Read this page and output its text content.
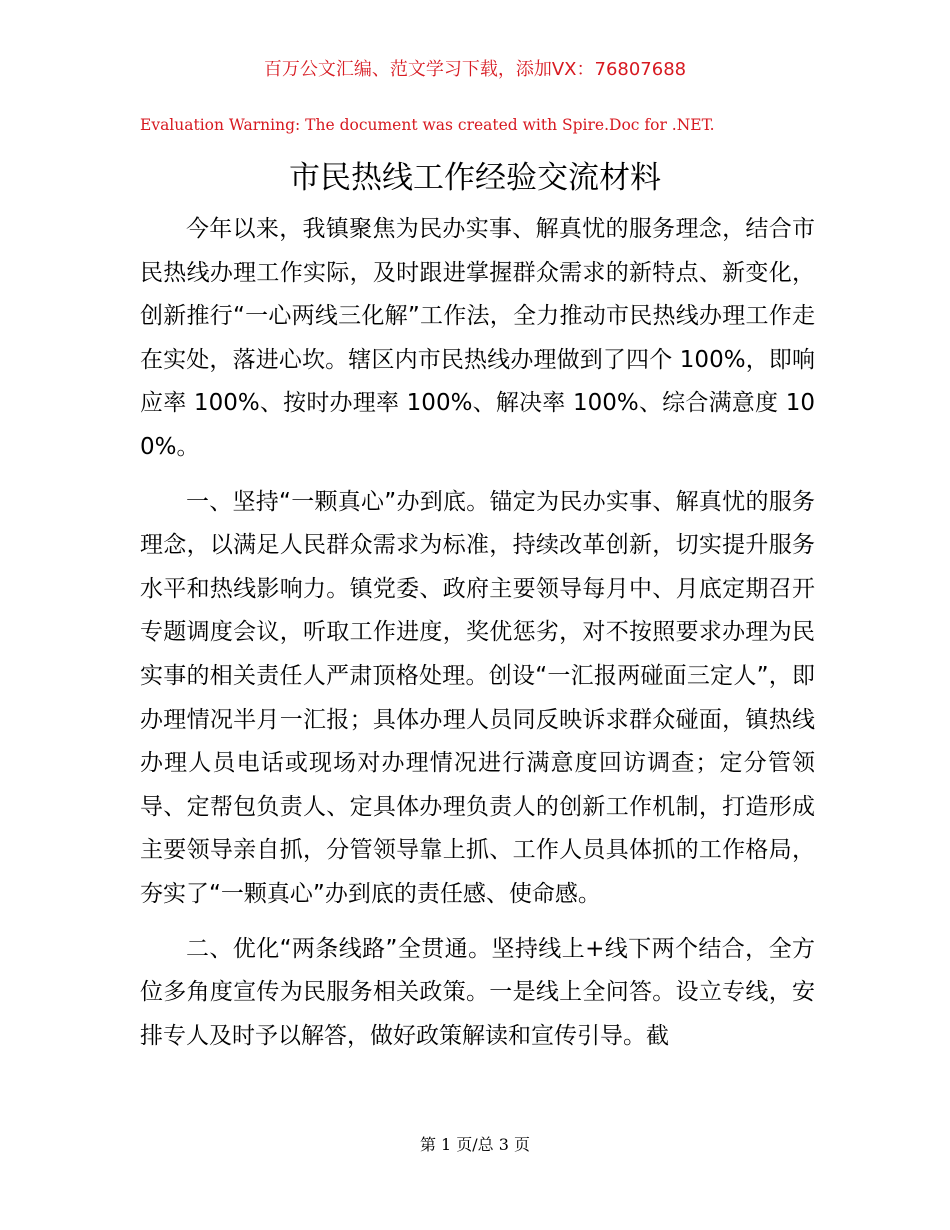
百万公文汇编、范文学习下载，添加VX：76807688
Evaluation Warning: The document was created with Spire.Doc for .NET.
市民热线工作经验交流材料

今年以来，我镇聚焦为民办实事、解真忧的服务理念，结合市民热线办理工作实际，及时跟进掌握群众需求的新特点、新变化，创新推行“一心两线三化解”工作法，全力推动市民热线办理工作走在实处，落进心坎。辖区内市民热线办理做到了四个 100%，即响应率 100%、按时办理率 100%、解决率 100%、综合满意度 100%。

一、坚持“一颗真心”办到底。锚定为民办实事、解真忧的服务理念，以满足人民群众需求为标准，持续改革创新，切实提升服务水平和热线影响力。镇党委、政府主要领导每月中、月底定期召开专题调度会议，听取工作进度，奖优惩劣，对不按照要求办理为民实事的相关责任人严肃顶格处理。创设“一汇报两碰面三定人”，即办理情况半月一汇报；具体办理人员同反映诉求群众碰面，镇热线办理人员电话或现场对办理情况进行满意度回访调查；定分管领导、定帮包负责人、定具体办理负责人的创新工作机制，打造形成主要领导亲自抓，分管领导靠上抓、工作人员具体抓的工作格局，夯实了“一颗真心”办到底的责任感、使命感。

二、优化“两条线路”全贯通。坚持线上+线下两个结合，全方位多角度宣传为民服务相关政策。一是线上全问答。设立专线，安排专人及时予以解答，做好政策解读和宣传引导。截

第 1 页/总 3 页
